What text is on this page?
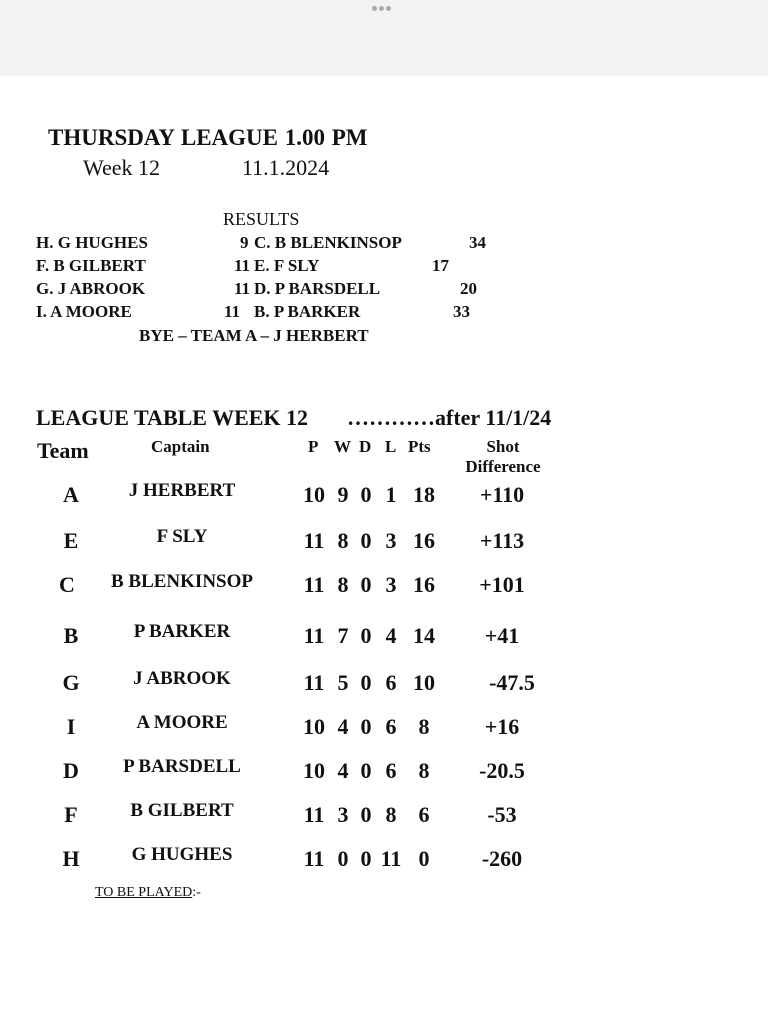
THURSDAY LEAGUE 1.00 PM
Week 12	11.1.2024
RESULTS
H. G HUGHES	9 C. B BLENKINSOP	34
F. B GILBERT	11 E. F SLY	17
G. J ABROOK	11 D. P BARSDELL	20
I. A MOORE	11 B. P BARKER	33
BYE – TEAM A – J HERBERT
LEAGUE TABLE WEEK 12 …………after 11/1/24
Team	Captain	P W D L Pts	Shot Difference
A	J HERBERT	10 9 0 1 18	+110
E	F SLY	11 8 0 3 16	+113
C	B BLENKINSOP	11 8 0 3 16	+101
B	P BARKER	11 7 0 4 14	+41
G	J ABROOK	11 5 0 6 10	-47.5
I	A MOORE	10 4 0 6	8	+16
D	P BARSDELL	10 4 0 6	8	-20.5
F	B GILBERT	11 3 0 8	6	-53
H	G HUGHES	11 0 0 11 0	-260
TO BE PLAYED:-
